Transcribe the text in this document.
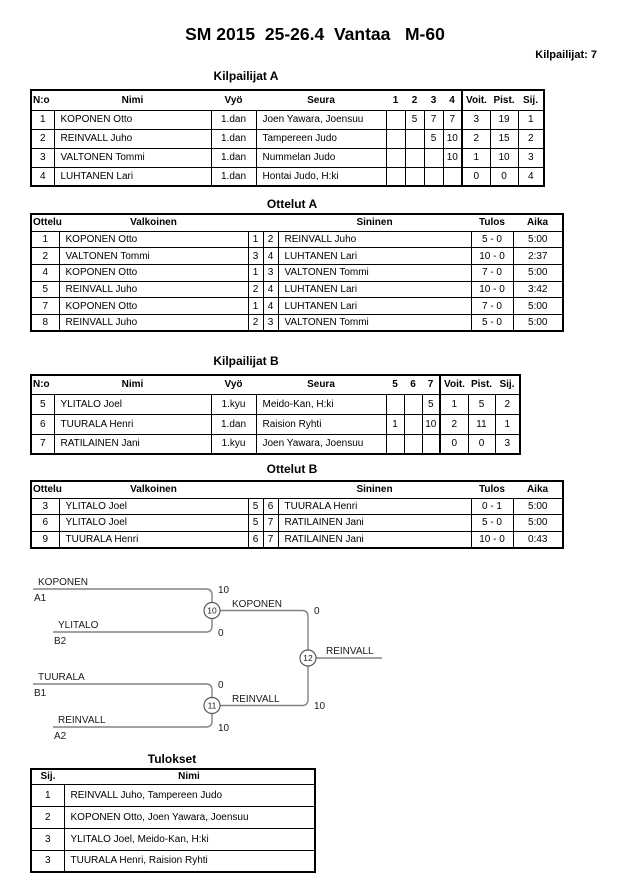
SM 2015  25-26.4  Vantaa   M-60
Kilpailijat: 7
Kilpailijat A
N:o	Nimi	Vyö	Seura	1	2	3	4	Voit.	Pist.	Sij.
1	KOPONEN Otto	1.dan	Joen Yawara, Joensuu		5	7	7	3	19	1
2	REINVALL Juho	1.dan	Tampereen Judo			5	10	2	15	2
3	VALTONEN Tommi	1.dan	Nummelan Judo				10	1	10	3
4	LUHTANEN Lari	1.dan	Hontai Judo, H:ki					0	0	4
Ottelut A
Ottelu	Valkoinen			Sininen	Tulos	Aika
1	KOPONEN Otto	1	2	REINVALL Juho	5 - 0	5:00
2	VALTONEN Tommi	3	4	LUHTANEN Lari	10 - 0	2:37
4	KOPONEN Otto	1	3	VALTONEN Tommi	7 - 0	5:00
5	REINVALL Juho	2	4	LUHTANEN Lari	10 - 0	3:42
7	KOPONEN Otto	1	4	LUHTANEN Lari	7 - 0	5:00
8	REINVALL Juho	2	3	VALTONEN Tommi	5 - 0	5:00
Kilpailijat B
N:o	Nimi	Vyö	Seura	5	6	7	Voit.	Pist.	Sij.
5	YLITALO Joel	1.kyu	Meido-Kan, H:ki			5	1	5	2
6	TUURALA Henri	1.dan	Raision Ryhti	1		10	2	11	1
7	RATILAINEN Jani	1.kyu	Joen Yawara, Joensuu				0	0	3
Ottelut B
Ottelu	Valkoinen			Sininen	Tulos	Aika
3	YLITALO Joel	5	6	TUURALA Henri	0 - 1	5:00
6	YLITALO Joel	5	7	RATILAINEN Jani	5 - 0	5:00
9	TUURALA Henri	6	7	RATILAINEN Jani	10 - 0	0:43
KOPONEN
A1
10
YLITALO
B2
0
KOPONEN
0
TUURALA
B1
0
REINVALL
A2
10
REINVALL
10
REINVALL
10
11
12
Tulokset
Sij.	Nimi
1	REINVALL Juho, Tampereen Judo
2	KOPONEN Otto, Joen Yawara, Joensuu
3	YLITALO Joel, Meido-Kan, H:ki
3	TUURALA Henri, Raision Ryhti
